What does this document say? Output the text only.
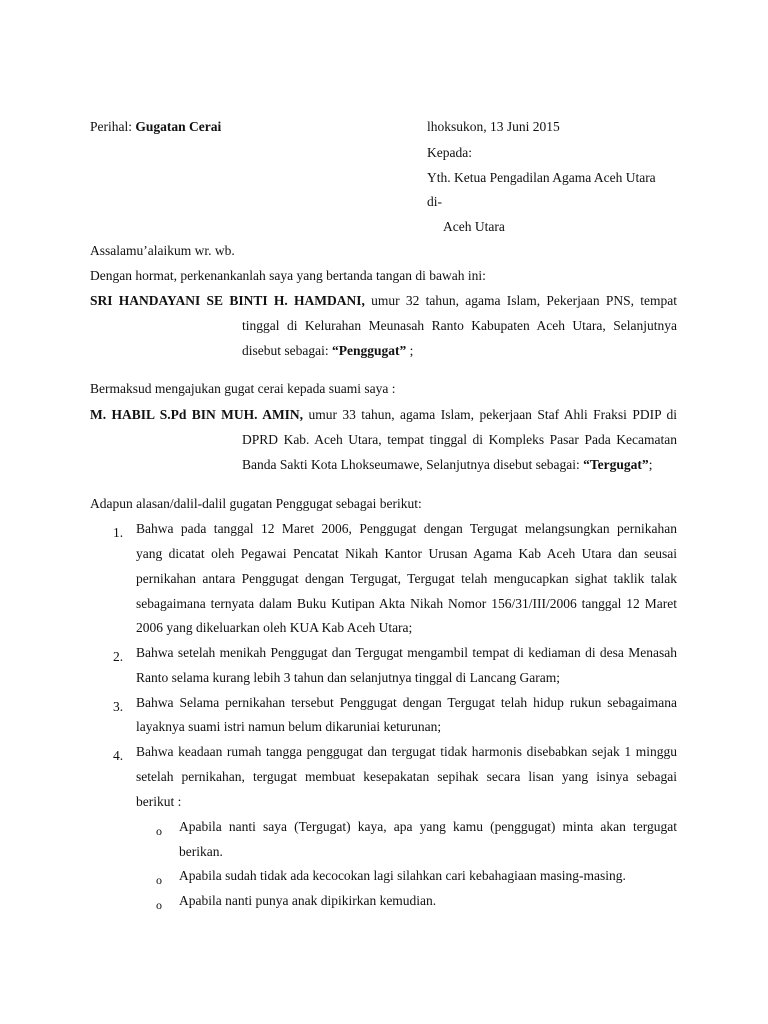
Perihal: Gugatan Cerai	lhoksukon, 13 Juni 2015
Kepada:
Yth. Ketua Pengadilan Agama Aceh Utara
di-
Aceh Utara
Assalamu’alaikum wr. wb.
Dengan hormat, perkenankanlah saya yang bertanda tangan di bawah ini:
SRI HANDAYANI SE BINTI H. HAMDANI, umur 32 tahun, agama Islam, Pekerjaan PNS, tempat
tinggal di Kelurahan Meunasah Ranto Kabupaten Aceh Utara, Selanjutnya
disebut sebagai: “Penggugat” ;
Bermaksud mengajukan gugat cerai kepada suami saya :
M. HABIL S.Pd BIN MUH. AMIN, umur 33 tahun, agama Islam, pekerjaan Staf Ahli Fraksi PDIP di
DPRD Kab. Aceh Utara, tempat tinggal di Kompleks Pasar Pada Kecamatan
Banda Sakti Kota Lhokseumawe, Selanjutnya disebut sebagai: “Tergugat”;
Adapun alasan/dalil-dalil gugatan Penggugat sebagai berikut:
1. Bahwa pada tanggal 12 Maret 2006, Penggugat dengan Tergugat melangsungkan pernikahan
yang dicatat oleh Pegawai Pencatat Nikah Kantor Urusan Agama Kab Aceh Utara dan seusai
pernikahan antara Penggugat dengan Tergugat, Tergugat telah mengucapkan sighat taklik talak
sebagaimana ternyata dalam Buku Kutipan Akta Nikah Nomor 156/31/III/2006 tanggal 12 Maret
2006 yang dikeluarkan oleh KUA Kab Aceh Utara;
2. Bahwa setelah menikah Penggugat dan Tergugat mengambil tempat di kediaman di desa Menasah
Ranto selama kurang lebih 3 tahun dan selanjutnya tinggal di Lancang Garam;
3. Bahwa Selama pernikahan tersebut Penggugat dengan Tergugat telah hidup rukun sebagaimana
layaknya suami istri namun belum dikaruniai keturunan;
4. Bahwa keadaan rumah tangga penggugat dan tergugat tidak harmonis disebabkan sejak 1 minggu
setelah pernikahan, tergugat membuat kesepakatan sepihak secara lisan yang isinya sebagai
berikut :
o Apabila nanti saya (Tergugat) kaya, apa yang kamu (penggugat) minta akan tergugat
berikan.
o Apabila sudah tidak ada kecocokan lagi silahkan cari kebahagiaan masing-masing.
o Apabila nanti punya anak dipikirkan kemudian.
